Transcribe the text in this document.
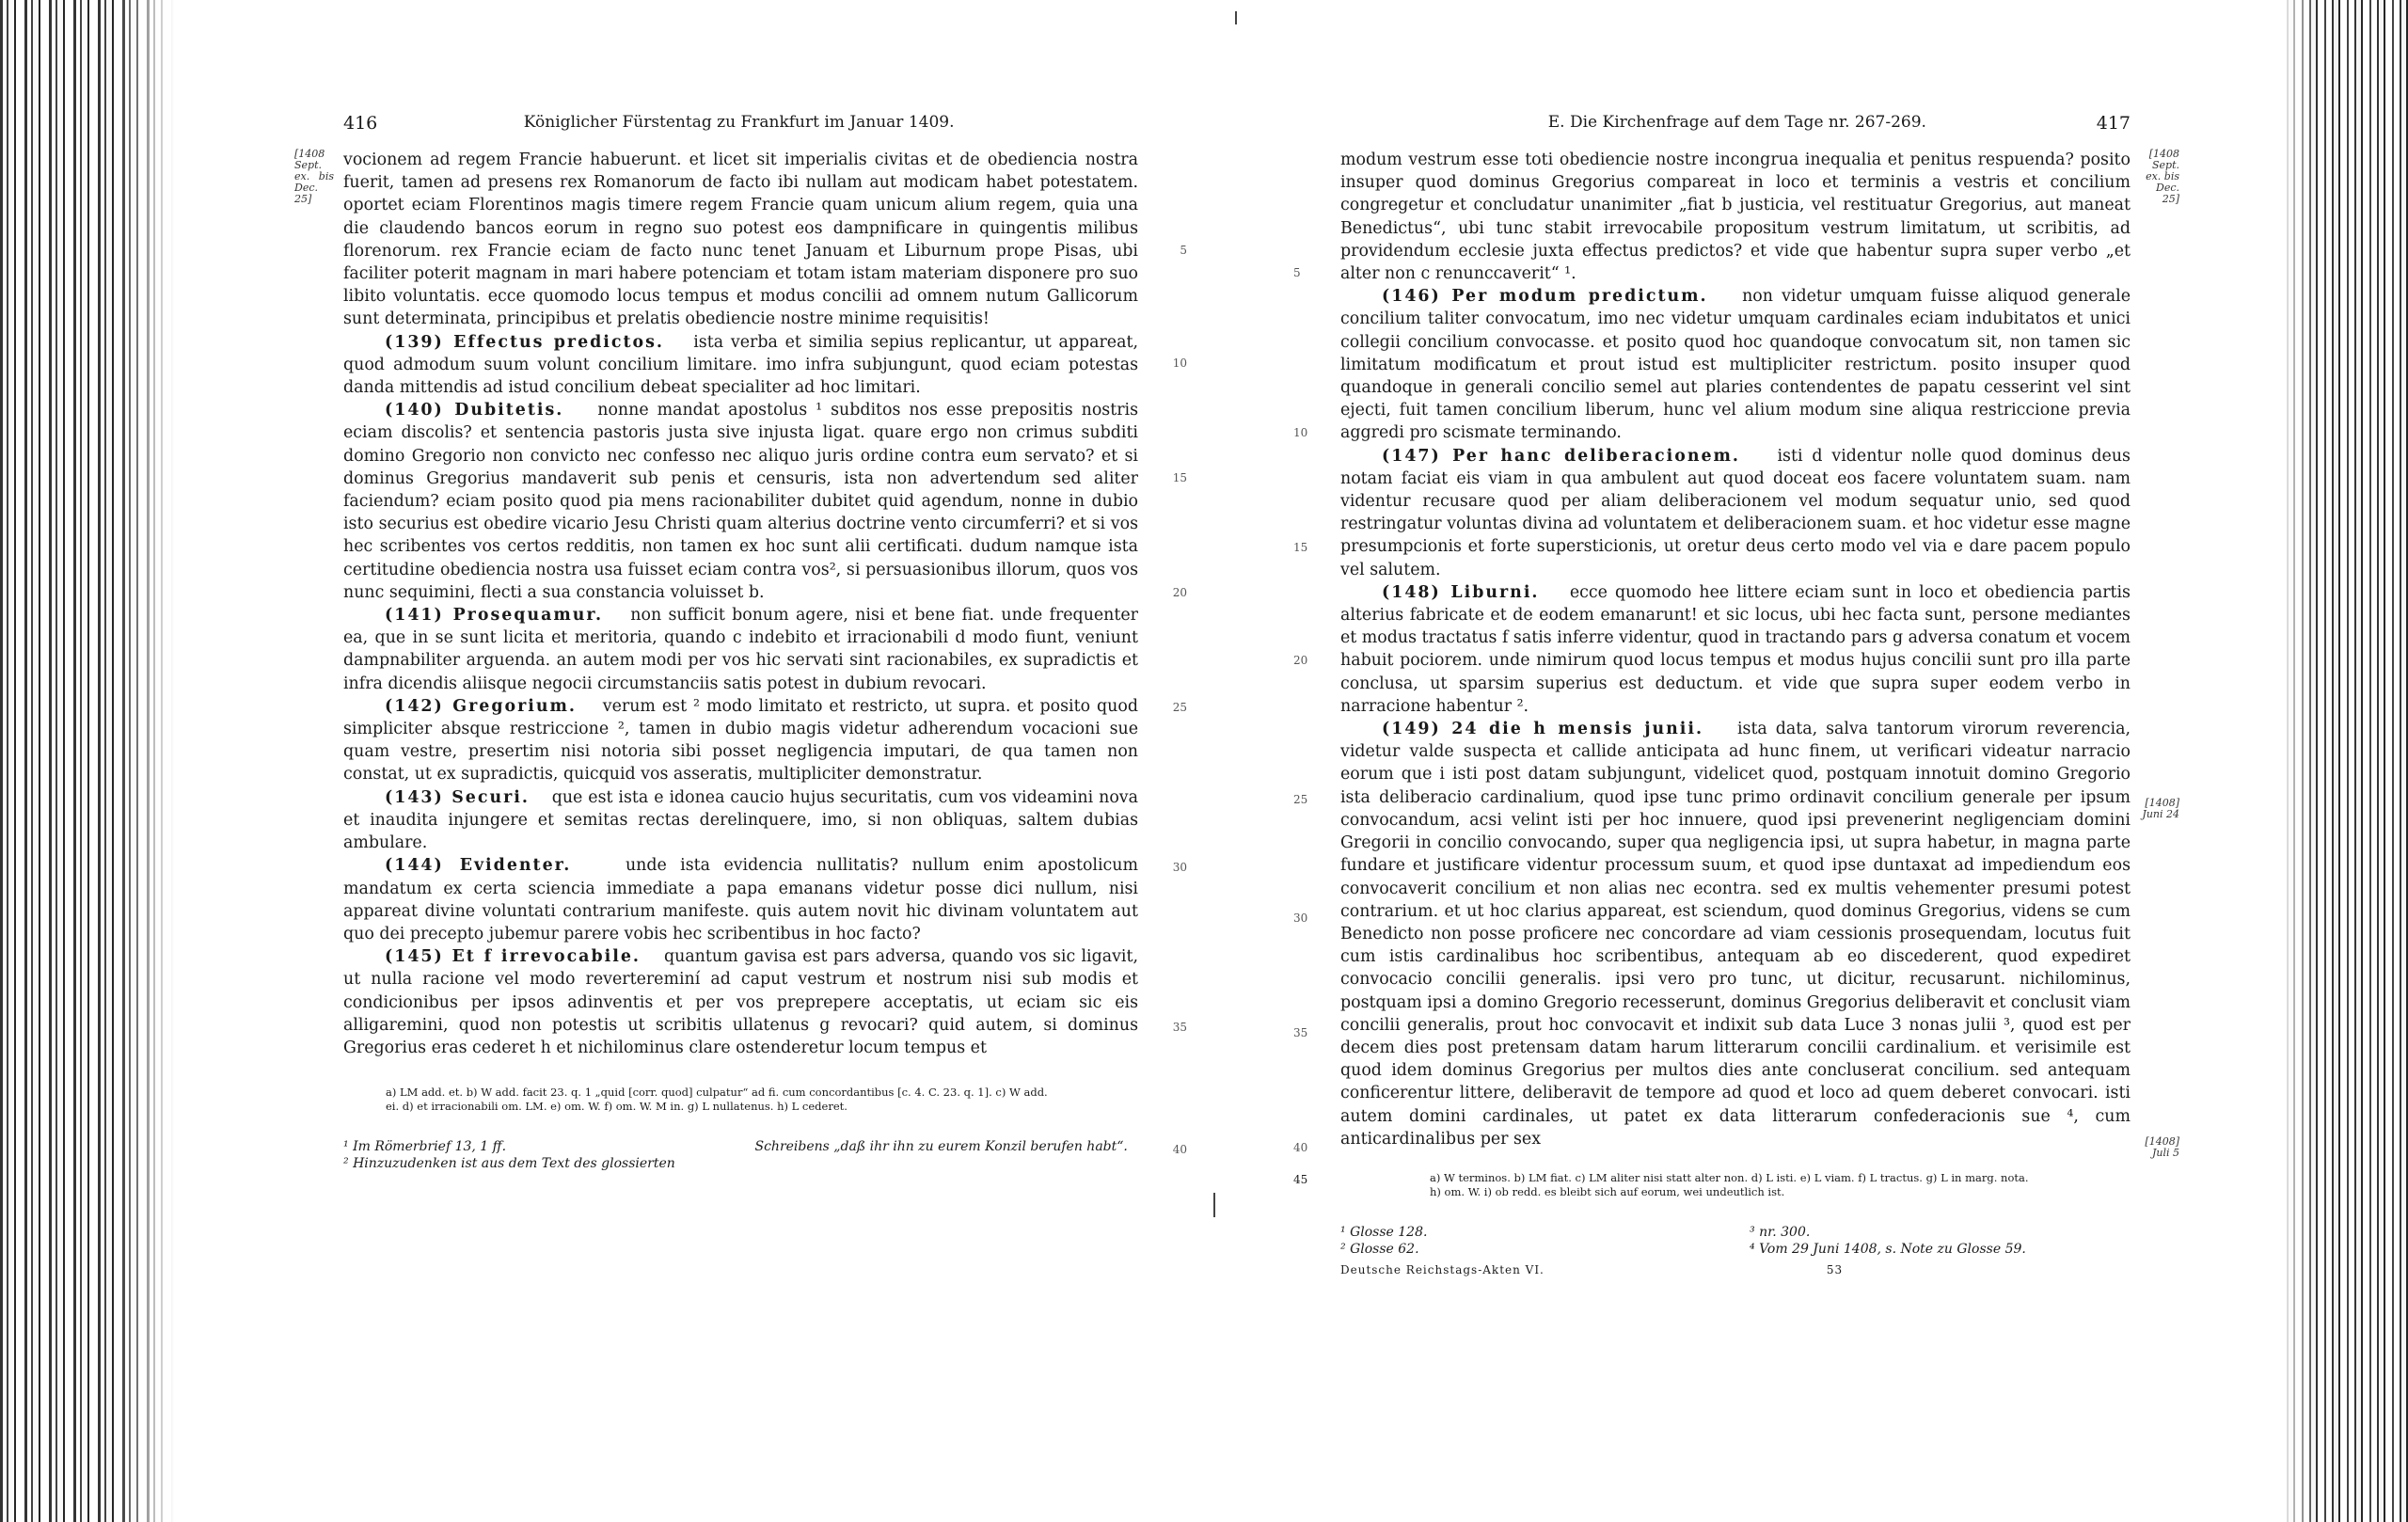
416	Königlicher Fürstentag zu Frankfurt im Januar 1409.
[1408 Sept. ex. bis Dec. 25]
5
10
15
20
25
30
35
40

vocionem ad regem Francie habuerunt. et licet sit imperialis civitas et de obediencia nostra fuerit, tamen ad presens rex Romanorum de facto ibi nullam aut modicam habet potestatem. oportet eciam Florentinos magis timere regem Francie quam unicum alium regem, quia una die claudendo bancos eorum in regno suo potest eos dampnificare in quingentis milibus florenorum. rex Francie eciam de facto nunc tenet Januam et Liburnum prope Pisas, ubi faciliter poterit magnam in mari habere potenciam et totam istam materiam disponere pro suo libito voluntatis. ecce quomodo locus tempus et modus concilii ad omnem nutum Gallicorum sunt determinata, principibus et prelatis obediencie nostre minime requisitis!

(139) Effectus predictos. ista verba et similia sepius replicantur, ut appareat, quod admodum suum volunt concilium limitare. imo infra subjungunt, quod eciam potestas danda mittendis ad istud concilium debeat specialiter ad hoc limitari.

(140) Dubitetis. nonne mandat apostolus ¹ subditos nos esse prepositis nostris eciam discolis? et sentencia pastoris justa sive injusta ligat. quare ergo non crimus subditi domino Gregorio non convicto nec confesso nec aliquo juris ordine contra eum servato? et si dominus Gregorius mandaverit sub penis et censuris, ista non advertendum sed aliter faciendum? eciam posito quod pia mens racionabiliter dubitet quid agendum, nonne in dubio isto securius est obedire vicario Jesu Christi quam alterius doctrine vento circumferri? et si vos hec scribentes vos certos redditis, non tamen ex hoc sunt alii certificati. dudum namque ista certitudine obediencia nostra usa fuisset eciam contra vos², si persuasionibus illorum, quos vos nunc sequimini, flecti a sua constancia voluisset b.

(141) Prosequamur. non sufficit bonum agere, nisi et bene fiat. unde frequenter ea, que in se sunt licita et meritoria, quando c indebito et irracionabili d modo fiunt, veniunt dampnabiliter arguenda. an autem modi per vos hic servati sint racionabiles, ex supradictis et infra dicendis aliisque negocii circumstanciis satis potest in dubium revocari.

(142) Gregorium. verum est ² modo limitato et restricto, ut supra. et posito quod simpliciter absque restriccione ², tamen in dubio magis videtur adherendum vocacioni sue quam vestre, presertim nisi notoria sibi posset negligencia imputari, de qua tamen non constat, ut ex supradictis, quicquid vos asseratis, multipliciter demonstratur.

(143) Securi. que est ista e idonea caucio hujus securitatis, cum vos videamini nova et inaudita injungere et semitas rectas derelinquere, imo, si non obliquas, saltem dubias ambulare.

(144) Evidenter.	unde ista evidencia nullitatis? nullum enim apostolicum mandatum ex certa sciencia immediate a papa emanans videtur posse dici nullum, nisi appareat divine voluntati contrarium manifeste. quis autem novit hic divinam voluntatem aut quo dei precepto jubemur parere vobis hec scribentibus in hoc facto?

(145) Et f irrevocabile. quantum gavisa est pars adversa, quando vos sic ligavit, ut nulla racione vel modo revertereminí ad caput vestrum et nostrum nisi sub modis et condicionibus per ipsos adinventis et per vos preprepere acceptatis, ut eciam sic eis alligaremini, quod non potestis ut scribitis ullatenus g revocari? quid autem, si dominus Gregorius eras cederet h et nichilominus clare ostenderetur locum tempus et

a) LM add. et. b) W add. facit 23. q. 1 „quid [corr. quod] culpatur“ ad fi. cum concordantibus [c. 4. C. 23. q. 1]. c) W add. ei. d) et irracionabili om. LM. e) om. W. f) om. W. M in. g) L nullatenus. h) L cederet.
¹ Im Römerbrief 13, 1 ff.
² Hinzuzudenken ist aus dem Text des glossierten
Schreibens „daß ihr ihn zu eurem Konzil berufen habt“.
E. Die Kirchenfrage auf dem Tage nr. 267-269.	417
[1408 Sept. ex. bis Dec. 25]
[1408] Juni 24
[1408] Juli 5
5
10
15
20
25
30
35
40

modum vestrum esse toti obediencie nostre incongrua inequalia et penitus respuenda? posito insuper quod dominus Gregorius compareat in loco et terminis a vestris et concilium congregetur et concludatur unanimiter „fiat b justicia, vel restituatur Gregorius, aut maneat Benedictus“, ubi tunc stabit irrevocabile propositum vestrum limitatum, ut scribitis, ad providendum ecclesie juxta effectus predictos? et vide que habentur supra super verbo „et alter non c renunccaverit“ ¹.

(146) Per modum predictum. non videtur umquam fuisse aliquod generale concilium taliter convocatum, imo nec videtur umquam cardinales eciam indubitatos et unici collegii concilium convocasse. et posito quod hoc quandoque convocatum sit, non tamen sic limitatum modificatum et prout istud est multipliciter restrictum. posito insuper quod quandoque in generali concilio semel aut plaries contendentes de papatu cesserint vel sint ejecti, fuit tamen concilium liberum, hunc vel alium modum sine aliqua restriccione previa aggredi pro scismate terminando.

(147) Per hanc deliberacionem. isti d videntur nolle quod dominus deus notam faciat eis viam in qua ambulent aut quod doceat eos facere voluntatem suam. nam videntur recusare quod per aliam deliberacionem vel modum sequatur unio, sed quod restringatur voluntas divina ad voluntatem et deliberacionem suam. et hoc videtur esse magne presumpcionis et forte supersticionis, ut oretur deus certo modo vel via e dare pacem populo vel salutem.

(148) Liburni. ecce quomodo hee littere eciam sunt in loco et obediencia partis alterius fabricate et de eodem emanarunt! et sic locus, ubi hec facta sunt, persone mediantes et modus tractatus f satis inferre videntur, quod in tractando pars g adversa conatum et vocem habuit pociorem. unde nimirum quod locus tempus et modus hujus concilii sunt pro illa parte conclusa, ut sparsim superius est deductum. et vide que supra super eodem verbo in narracione habentur ².

(149) 24 die h mensis junii. ista data, salva tantorum virorum reverencia, videtur valde suspecta et callide anticipata ad hunc finem, ut verificari videatur narracio eorum que i isti post datam subjungunt, videlicet quod, postquam innotuit domino Gregorio ista deliberacio cardinalium, quod ipse tunc primo ordinavit concilium generale per ipsum convocandum, acsi velint isti per hoc innuere, quod ipsi prevenerint negligenciam domini Gregorii in concilio convocando, super qua negligencia ipsi, ut supra habetur, in magna parte fundare et justificare videntur processum suum, et quod ipse duntaxat ad impediendum eos convocaverit concilium et non alias nec econtra. sed ex multis vehementer presumi potest contrarium. et ut hoc clarius appareat, est sciendum, quod dominus Gregorius, videns se cum Benedicto non posse proficere nec concordare ad viam cessionis prosequendam, locutus fuit cum istis cardinalibus hoc scribentibus, antequam ab eo discederent, quod expediret convocacio concilii generalis. ipsi vero pro tunc, ut dicitur, recusarunt. nichilominus, postquam ipsi a domino Gregorio recesserunt, dominus Gregorius deliberavit et conclusit viam concilii generalis, prout hoc convocavit et indixit sub data Luce 3 nonas julii ³, quod est per decem dies post pretensam datam harum litterarum concilii cardinalium. et verisimile est quod idem dominus Gregorius per multos dies ante concluserat concilium. sed antequam conficerentur littere, deliberavit de tempore ad quod et loco ad quem deberet convocari. isti autem domini cardinales, ut patet ex data litterarum confederacionis sue ⁴, cum anticardinalibus per sex

45	a) W terminos. b) LM fiat. c) LM aliter nisi statt alter non. d) L isti. e) L viam. f) L tractus. g) L in marg. nota. h) om. W. i) ob redd. es bleibt sich auf eorum, wei undeutlich ist.
¹ Glosse 128.
² Glosse 62.
³ nr. 300.
⁴ Vom 29 Juni 1408, s. Note zu Glosse 59.
Deutsche Reichstags-Akten VI.	53
